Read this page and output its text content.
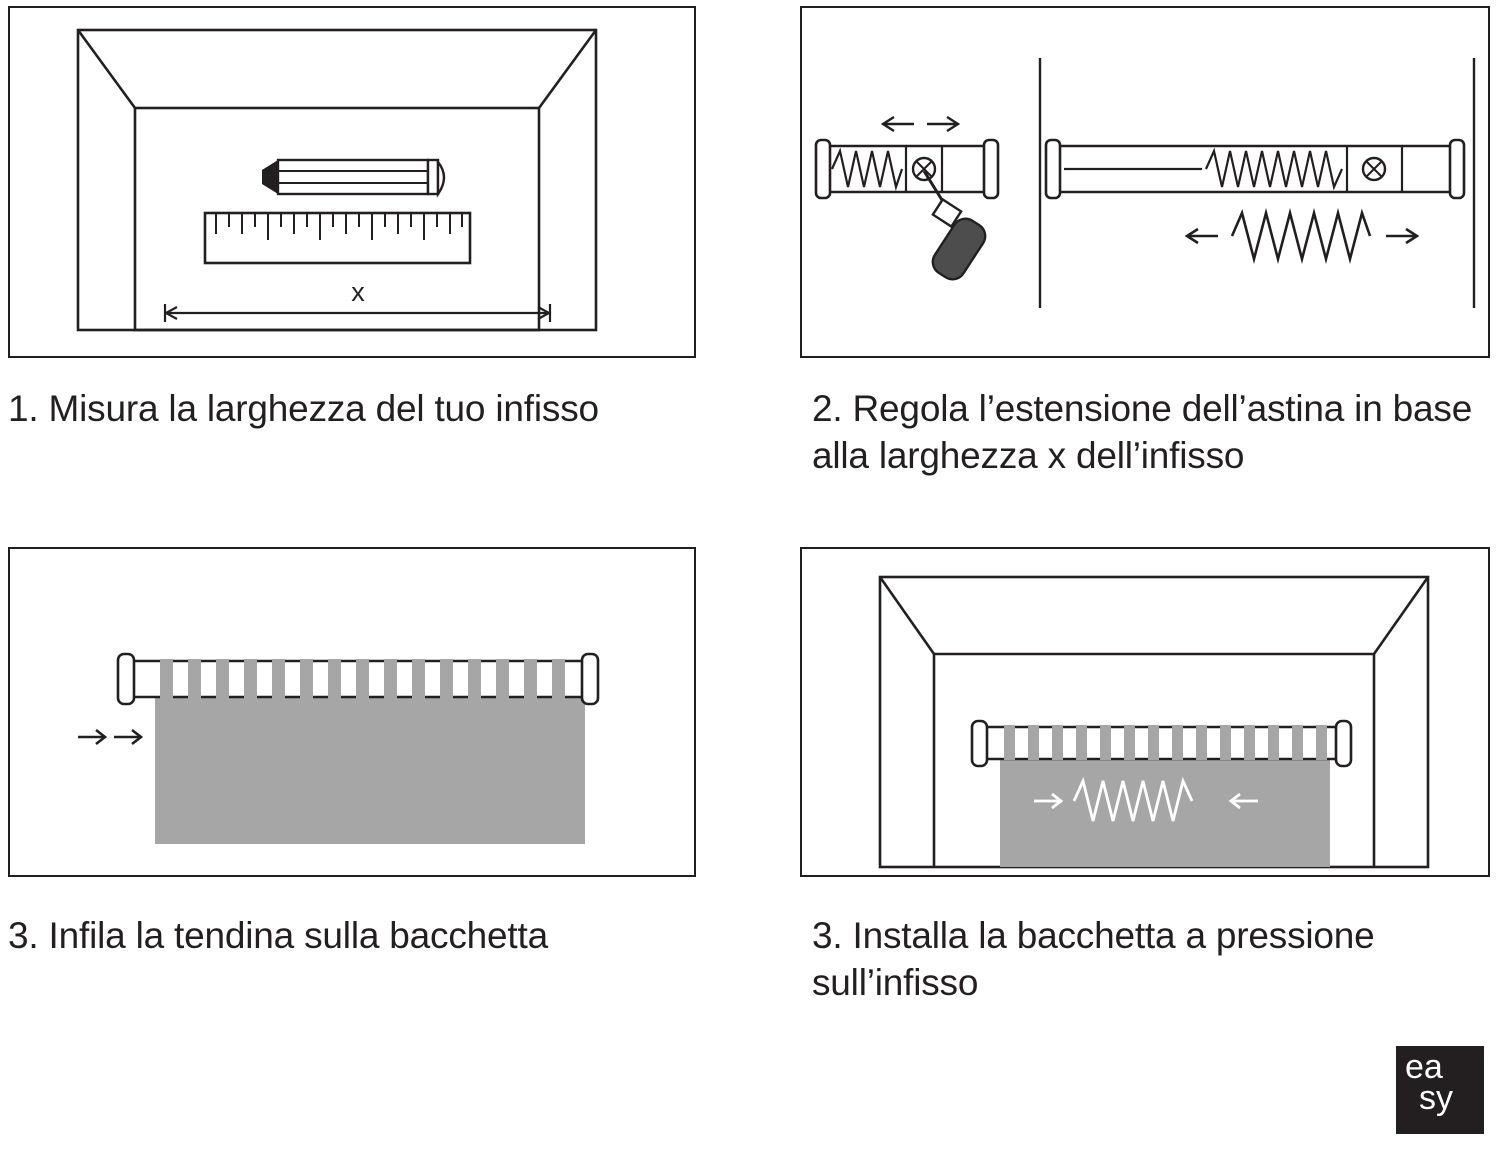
x
1. Misura la larghezza del tuo infisso	2. Regola l’estensione dell’astina in base alla larghezza x dell’infisso
3. Infila la tendina sulla bacchetta	3. Installa la bacchetta a pressione sull’infisso
ea
sy
